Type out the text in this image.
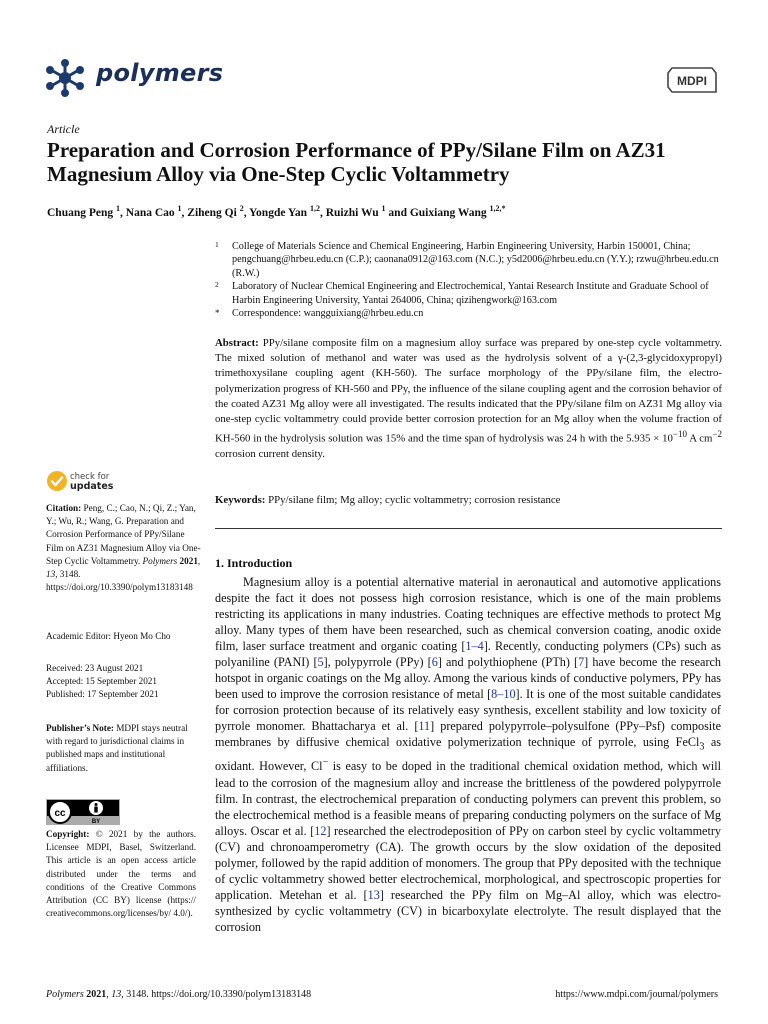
polymers	MDPI
Article
Preparation and Corrosion Performance of PPy/Silane Film on AZ31 Magnesium Alloy via One-Step Cyclic Voltammetry
Chuang Peng $^1$, Nana Cao $^1$, Ziheng Qi $^2$, Yongde Yan $^{1,2}$, Ruizhi Wu $^1$ and Guixiang Wang $^{1,2,*}$
1 College of Materials Science and Chemical Engineering, Harbin Engineering University, Harbin 150001, China; pengchuang@hrbeu.edu.cn (C.P.); caonana0912@163.com (N.C.); y5d2006@hrbeu.edu.cn (Y.Y.); rzwu@hrbeu.edu.cn (R.W.)
2 Laboratory of Nuclear Chemical Engineering and Electrochemical, Yantai Research Institute and Graduate School of Harbin Engineering University, Yantai 264006, China; qizihengwork@163.com
* Correspondence: wangguixiang@hrbeu.edu.cn
Abstract: PPy/silane composite film on a magnesium alloy surface was prepared by one-step cycle voltammetry. The mixed solution of methanol and water was used as the hydrolysis solvent of a γ-(2,3-glycidoxypropyl) trimethoxysilane coupling agent (KH-560). The surface morphology of the PPy/silane film, the electro-polymerization progress of KH-560 and PPy, the influence of the silane coupling agent and the corrosion behavior of the coated AZ31 Mg alloy were all investigated. The results indicated that the PPy/silane film on AZ31 Mg alloy via one-step cyclic voltammetry could provide better corrosion protection for an Mg alloy when the volume fraction of KH-560 in the hydrolysis solution was 15% and the time span of hydrolysis was 24 h with the $5.935 \times 10^{-10}$ A $cm^{-2}$ corrosion current density.
Keywords: PPy/silane film; Mg alloy; cyclic voltammetry; corrosion resistance
check for
updates
Citation: Peng, C.; Cao, N.; Qi, Z.; Yan, Y.; Wu, R.; Wang, G. Preparation and Corrosion Performance of PPy/Silane Film on AZ31 Magnesium Alloy via One-Step Cyclic Voltammetry. Polymers 2021, 13, 3148. https://doi.org/10.3390/polym13183148
Academic Editor: Hyeon Mo Cho
Received: 23 August 2021
Accepted: 15 September 2021
Published: 17 September 2021
Publisher’s Note: MDPI stays neutral with regard to jurisdictional claims in published maps and institutional affiliations.
cc
BY
Copyright: © 2021 by the authors. Licensee MDPI, Basel, Switzerland. This article is an open access article distributed under the terms and conditions of the Creative Commons Attribution (CC BY) license (https:// creativecommons.org/licenses/by/ 4.0/).
1. Introduction

Magnesium alloy is a potential alternative material in aeronautical and automotive applications despite the fact it does not possess high corrosion resistance, which is one of the main problems restricting its applications in many industries. Coating techniques are effective methods to protect Mg alloy. Many types of them have been researched, such as chemical conversion coating, anodic oxide film, laser surface treatment and organic coating [1–4]. Recently, conducting polymers (CPs) such as polyaniline (PANI) [5], polypyrrole (PPy) [6] and polythiophene (PTh) [7] have become the research hotspot in organic coatings on the Mg alloy. Among the various kinds of conductive polymers, PPy has been used to improve the corrosion resistance of metal [8–10]. It is one of the most suitable candidates for corrosion protection because of its relatively easy synthesis, excellent stability and low toxicity of pyrrole monomer. Bhattacharya et al. [11] prepared polypyrrole–polysulfone (PPy–Psf) composite membranes by diffusive chemical oxidative polymerization technique of pyrrole, using FeCl$_3$ as oxidant. However, Cl− is easy to be doped in the traditional chemical oxidation method, which will lead to the corrosion of the magnesium alloy and increase the brittleness of the powdered polypyrrole film. In contrast, the electrochemical preparation of conducting polymers can prevent this problem, so the electrochemical method is a feasible means of preparing conducting polymers on the surface of Mg alloys. Oscar et al. [12] researched the electrodeposition of PPy on carbon steel by cyclic voltammetry (CV) and chronoamperometry (CA). The growth occurs by the slow oxidation of the deposited polymer, followed by the rapid addition of monomers. The group that PPy deposited with the technique of cyclic voltammetry showed better electrochemical, morphological, and spectroscopic properties for application. Metehan et al. [13] researched the PPy film on Mg–Al alloy, which was electro-synthesized by cyclic voltammetry (CV) in bicarboxylate electrolyte. The result displayed that the corrosion

Polymers 2021, 13, 3148. https://doi.org/10.3390/polym13183148	https://www.mdpi.com/journal/polymers
